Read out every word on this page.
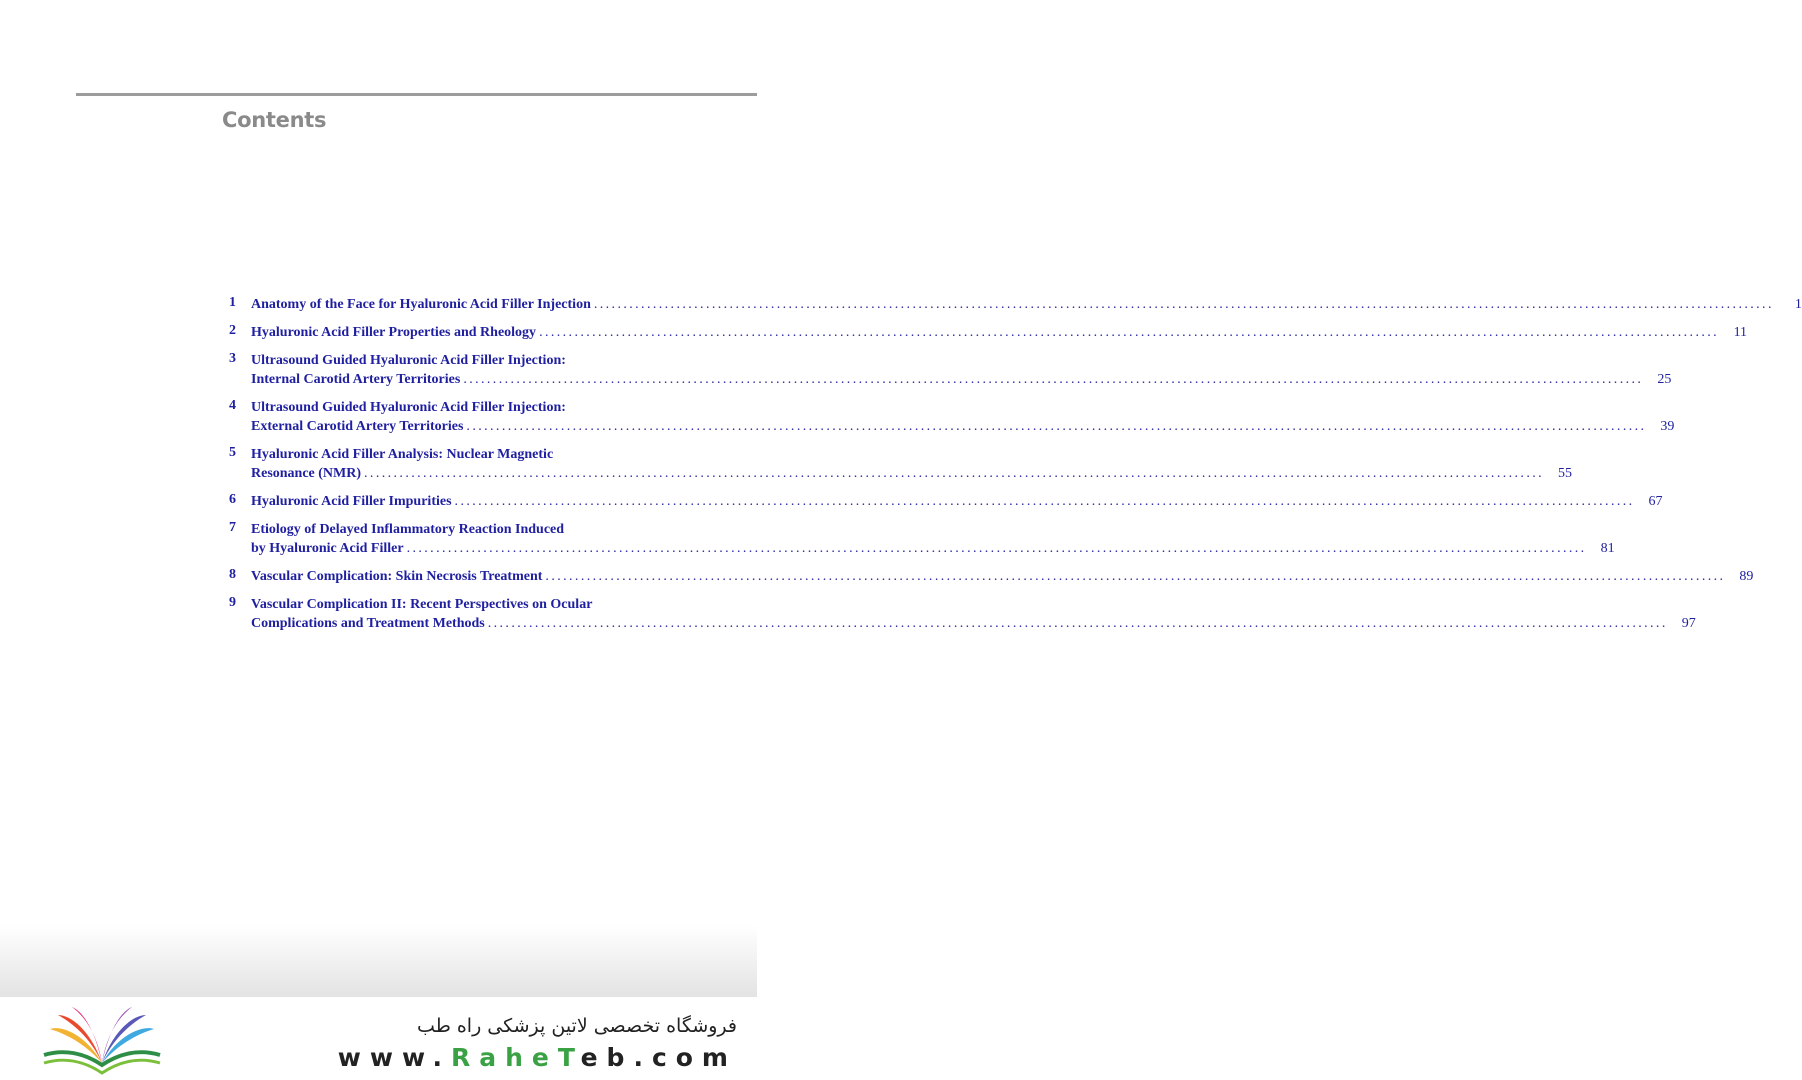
Contents
1 Anatomy of the Face for Hyaluronic Acid Filler Injection ........................................................................................................................................................................................................	1
2 Hyaluronic Acid Filler Properties and Rheology ........................................................................................................................................................................................................	11
3 Ultrasound Guided Hyaluronic Acid Filler Injection:
Internal Carotid Artery Territories ........................................................................................................................................................................................................	25
4 Ultrasound Guided Hyaluronic Acid Filler Injection:
External Carotid Artery Territories ........................................................................................................................................................................................................	39
5 Hyaluronic Acid Filler Analysis: Nuclear Magnetic
Resonance (NMR) ........................................................................................................................................................................................................	55
6 Hyaluronic Acid Filler Impurities ........................................................................................................................................................................................................	67
7 Etiology of Delayed Inflammatory Reaction Induced
by Hyaluronic Acid Filler ........................................................................................................................................................................................................	81
8 Vascular Complication: Skin Necrosis Treatment ........................................................................................................................................................................................................	89
9 Vascular Complication II: Recent Perspectives on Ocular
Complications and Treatment Methods ........................................................................................................................................................................................................	97
فروشگاه تخصصی لاتین پزشکی راه طب
www.RaheTeb.com
